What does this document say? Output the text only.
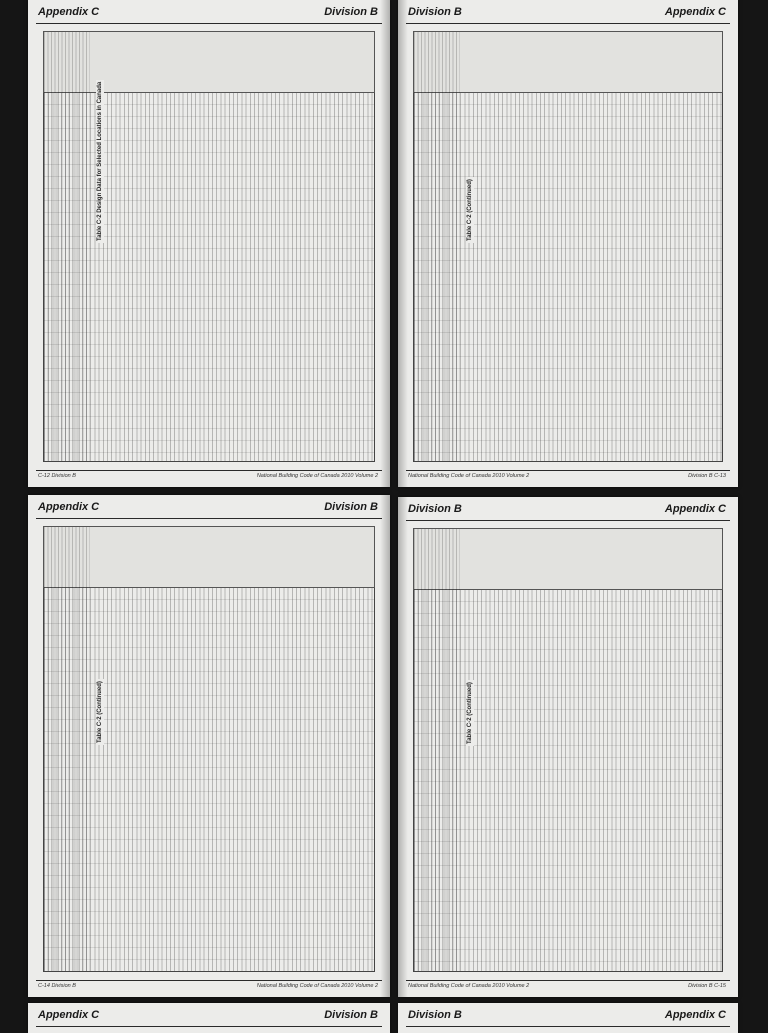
Appendix C	Division B
Table C-2 Design Data for Selected Locations in Canada
C-12 Division B	National Building Code of Canada 2010 Volume 2
Division B	Appendix C
Table C-2 (Continued)
National Building Code of Canada 2010 Volume 2	Division B C-13
Appendix C	Division B
Table C-2 (Continued)
C-14 Division B	National Building Code of Canada 2010 Volume 2
Division B	Appendix C
Table C-2 (Continued)
National Building Code of Canada 2010 Volume 2	Division B C-15
Appendix C	Division B	Division B	Appendix C
